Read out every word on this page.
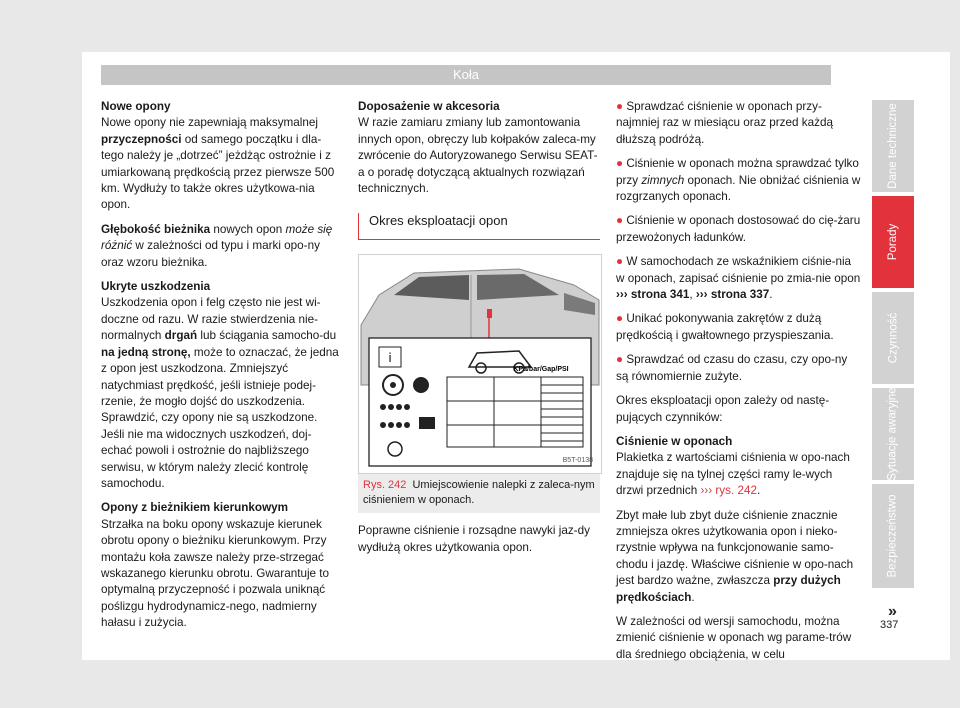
Koła
Nowe opony

Nowe opony nie zapewniają maksymalnej przyczepności od samego początku i dla-tego należy je „dotrzeć” jeżdżąc ostrożnie i z umiarkowaną prędkością przez pierwsze 500 km. Wydłuży to także okres użytkowa-nia opon.

Głębokość bieżnika nowych opon może się różnić w zależności od typu i marki opo-ny oraz wzoru bieżnika.

Ukryte uszkodzenia

Uszkodzenia opon i felg często nie jest wi-doczne od razu. W razie stwierdzenia nie-normalnych drgań lub ściągania samocho-du na jedną stronę, może to oznaczać, że jedna z opon jest uszkodzona. Zmniejszyć natychmiast prędkość, jeśli istnieje podej-rzenie, że mogło dojść do uszkodzenia. Sprawdzić, czy opony nie są uszkodzone. Jeśli nie ma widocznych uszkodzeń, doj-echać powoli i ostrożnie do najbliższego serwisu, w którym należy zlecić kontrolę samochodu.

Opony z bieżnikiem kierunkowym

Strzałka na boku opony wskazuje kierunek obrotu opony o bieżniku kierunkowym. Przy montażu koła zawsze należy prze-strzegać wskazanego kierunku obrotu. Gwarantuje to optymalną przyczepność i pozwala uniknąć poślizgu hydrodynamicz-nego, nadmierny hałasu i zużycia.

Doposażenie w akcesoria

W razie zamiaru zmiany lub zamontowania innych opon, obręczy lub kołpaków zaleca-my zwrócenie do Autoryzowanego Serwisu SEAT-a o poradę dotyczącą aktualnych rozwiązań technicznych.

Okres eksploatacji opon
i
KPa/bar/Gap/PSI
B5T-0138
Rys. 242 Umiejscowienie nalepki z zaleca-nym ciśnieniem w oponach.

Poprawne ciśnienie i rozsądne nawyki jaz-dy wydłużą okres użytkowania opon.

● Sprawdzać ciśnienie w oponach przy-najmniej raz w miesiącu oraz przed każdą dłuższą podróżą.

● Ciśnienie w oponach można sprawdzać tylko przy zimnych oponach. Nie obniżać ciśnienia w rozgrzanych oponach.

● Ciśnienie w oponach dostosować do cię-żaru przewożonych ładunków.

● W samochodach ze wskaźnikiem ciśnie-nia w oponach, zapisać ciśnienie po zmia-nie opon ››› strona 341, ››› strona 337.

● Unikać pokonywania zakrętów z dużą prędkością i gwałtownego przyspieszania.

● Sprawdzać od czasu do czasu, czy opo-ny są równomiernie zużyte.

Okres eksploatacji opon zależy od nastę-pujących czynników:

Ciśnienie w oponach

Plakietka z wartościami ciśnienia w opo-nach znajduje się na tylnej części ramy le-wych drzwi przednich ››› rys. 242.

Zbyt małe lub zbyt duże ciśnienie znacznie zmniejsza okres użytkowania opon i nieko-rzystnie wpływa na funkcjonowanie samo-chodu i jazdę. Właściwe ciśnienie w opo-nach jest bardzo ważne, zwłaszcza przy dużych prędkościach.

W zależności od wersji samochodu, można zmienić ciśnienie w oponach wg parame-trów dla średniego obciążenia, w celu

Dane techniczne
Porady
Czynność
Sytuacje awaryjne
Bezpieczeństwo
»
337
